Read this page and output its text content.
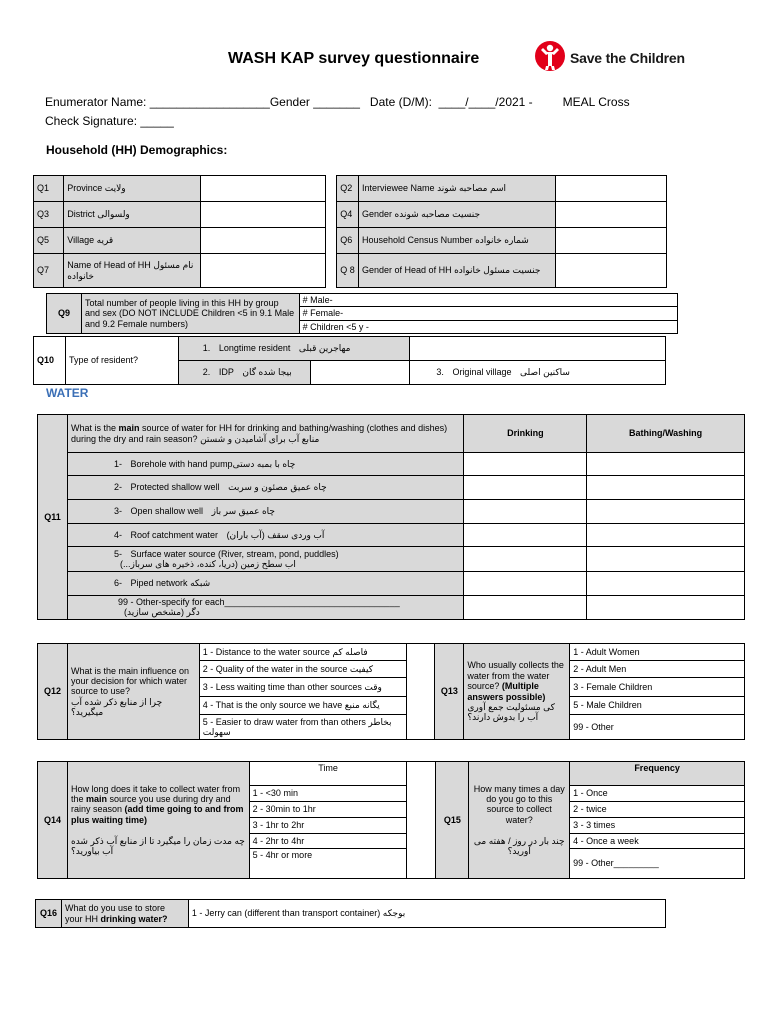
WASH KAP survey questionnaire	Save the Children
Enumerator Name: __________________Gender _______   Date (D/M):  ____/____/2021 -         MEAL Cross
Check Signature: _____
Household (HH) Demographics:
Q1	Province ولایت			Q2	Interviewee Name اسم مصاحبه شوند	
Q3	District ولسوالی			Q4	Gender جنسیت مصاحبه شونده	
Q5	Village قریه			Q6	Household Census Number شماره خانواده	
Q7	Name of Head of HH نام مسئول خانواده			Q 8	Gender of Head of HH جنسیت مسئول خانواده	
Q9	Total number of people living in this HH by group and sex (DO NOT INCLUDE Children <5 in 9.1 Male and 9.2 Female numbers)	# Male-
# Female-
# Children <5 y -
Q10	Type of resident?	1. Longtime resident مهاجرین قبلی		
		2. IDP بیجا شده گان		3. Original village ساکنین اصلی
WATER
Q11	What is the main source of water for HH for drinking and bathing/washing (clothes and dishes) during the dry and rain season? منابع آب برای آشامیدن و شستن	Drinking	Bathing/Washing
	1- Borehole with hand pumpچاه با بمبه دستی		
	2- Protected shallow well چاه عمیق مصئون و سربت		
	3- Open shallow well چاه عمیق سر باز		
	4- Roof catchment water آب وردی سقف (آب باران)		
	5- Surface water source (River, stream, pond, puddles) اب سطح زمین (دریا، کنده، ذخیره های سرباز...)		
	6- Piped network شبکه		
	99 - Other-specify for each___________________________________ دگر (مشخص سازید)		
Q12	What is the main influence on your decision for which water source to use?
چرا از منابع ذکر شده آب میگیرید؟	1 - Distance to the water source فاصله کم		Q13	Who usually collects the water from the water source? (Multiple answers possible)
کی مسئولیت جمع آوری آب را بدوش دارند؟	1 - Adult Women
		2 - Quality of the water in the source کیفیت				2 - Adult Men
		3 - Less waiting time than other sources وقت				3 - Female Children
		4 - That is the only source we have یگانه منبع				5 - Male Children
		5 - Easier to draw water from than others بخاطر سهولت				99 - Other
Q14	How long does it take to collect water from the main source you use during dry and rainy season (add time going to and from plus waiting time)

چه مدت زمان را میگیرد تا از منابع آب ذکر شده آب بیاورید؟	Time		Q15	How many times a day do you go to this source to collect water?

چند بار در روز / هفته می آورید؟	Frequency
		1 - <30 min				1 - Once
		2 - 30min to 1hr				2 - twice
		3 - 1hr to 2hr				3 - 3 times
		4 - 2hr to 4hr				4 - Once a week
		5 - 4hr or more				99 - Other_________
Q16	What do you use to store your HH drinking water?	1 - Jerry can (different than transport container) بوجکه
